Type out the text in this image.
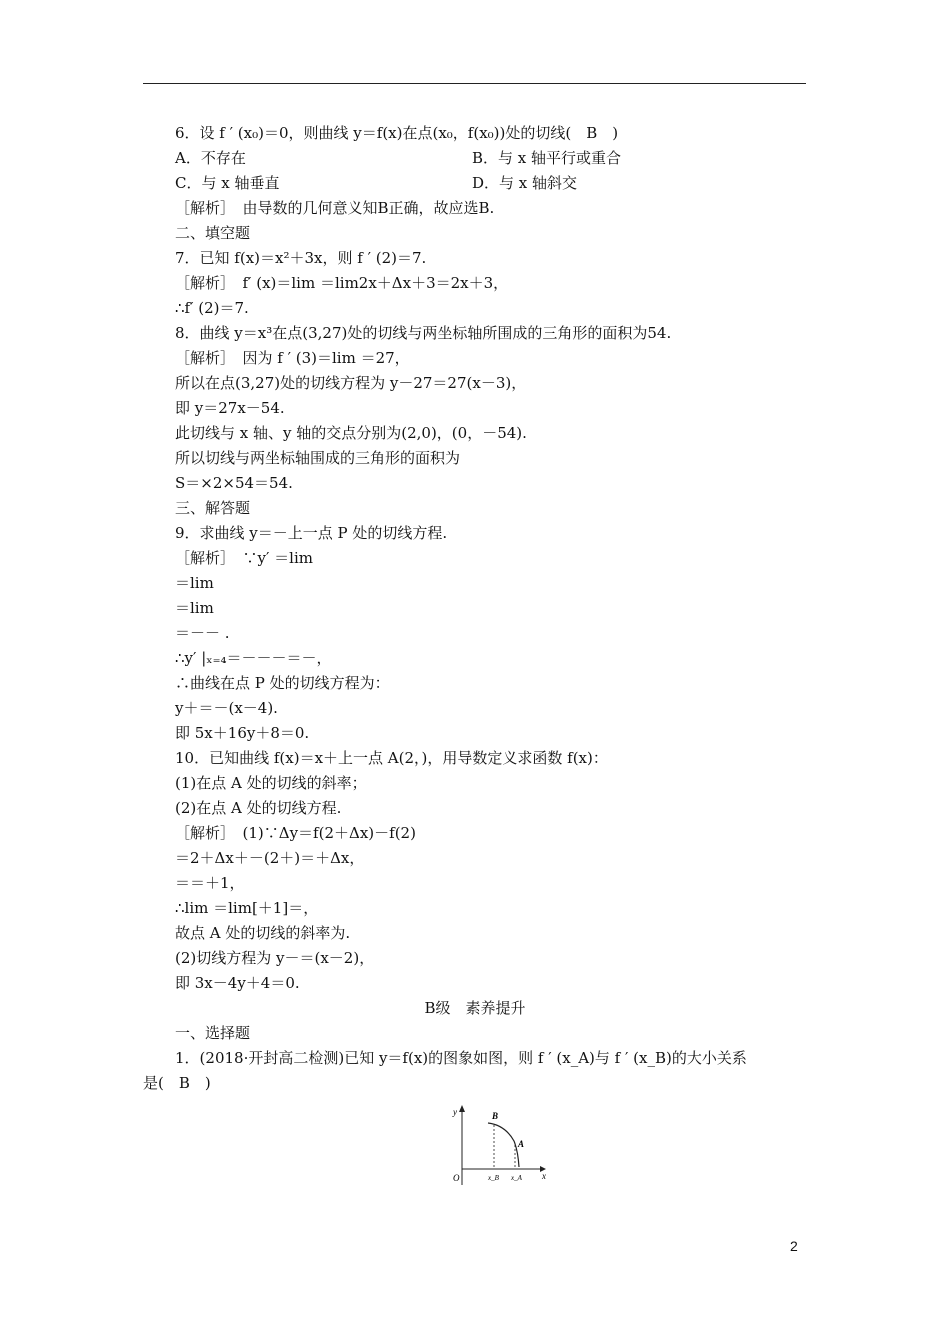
6．设 f ′ (x₀)＝0，则曲线 y＝f(x)在点(x₀，f(x₀))处的切线(　B　)
A．不存在	B．与 x 轴平行或重合
C．与 x 轴垂直	D．与 x 轴斜交
［解析］　由导数的几何意义知B正确，故应选B.
二、填空题
7．已知 f(x)＝x²＋3x，则 f ′ (2)＝7.
［解析］　f′ (x)＝lim ＝lim2x＋Δx＋3＝2x＋3，
∴f′ (2)＝7.
8．曲线 y＝x³在点(3,27)处的切线与两坐标轴所围成的三角形的面积为54.
［解析］　因为 f ′ (3)＝lim ＝27，
所以在点(3,27)处的切线方程为 y－27＝27(x－3)，
即 y＝27x－54.
此切线与 x 轴、y 轴的交点分别为(2,0)，(0，－54).
所以切线与两坐标轴围成的三角形的面积为
S＝×2×54＝54.
三、解答题
9．求曲线 y＝－上一点 P 处的切线方程.
［解析］　∵y′ ＝lim
＝lim
＝lim
＝－－ .
∴y′ |ₓ₌₄＝－－－＝－，
∴曲线在点 P 处的切线方程为：
y＋＝－(x－4).
即 5x＋16y＋8＝0.
10．已知曲线 f(x)＝x＋上一点 A(2，)，用导数定义求函数 f(x)：
(1)在点 A 处的切线的斜率；
(2)在点 A 处的切线方程.
［解析］　(1)∵Δy＝f(2＋Δx)－f(2)
＝2＋Δx＋－(2＋)＝＋Δx，
＝＝＋1，
∴lim ＝lim[＋1]＝，
故点 A 处的切线的斜率为.
(2)切线方程为 y－＝(x－2)，
即 3x－4y＋4＝0.
B级　素养提升
一、选择题
1．(2018·开封高二检测)已知 y＝f(x)的图象如图，则 f ′ (x_A)与 f ′ (x_B)的大小关系
是(　B　)
y
x
O
B
A
x_B x_A
2
